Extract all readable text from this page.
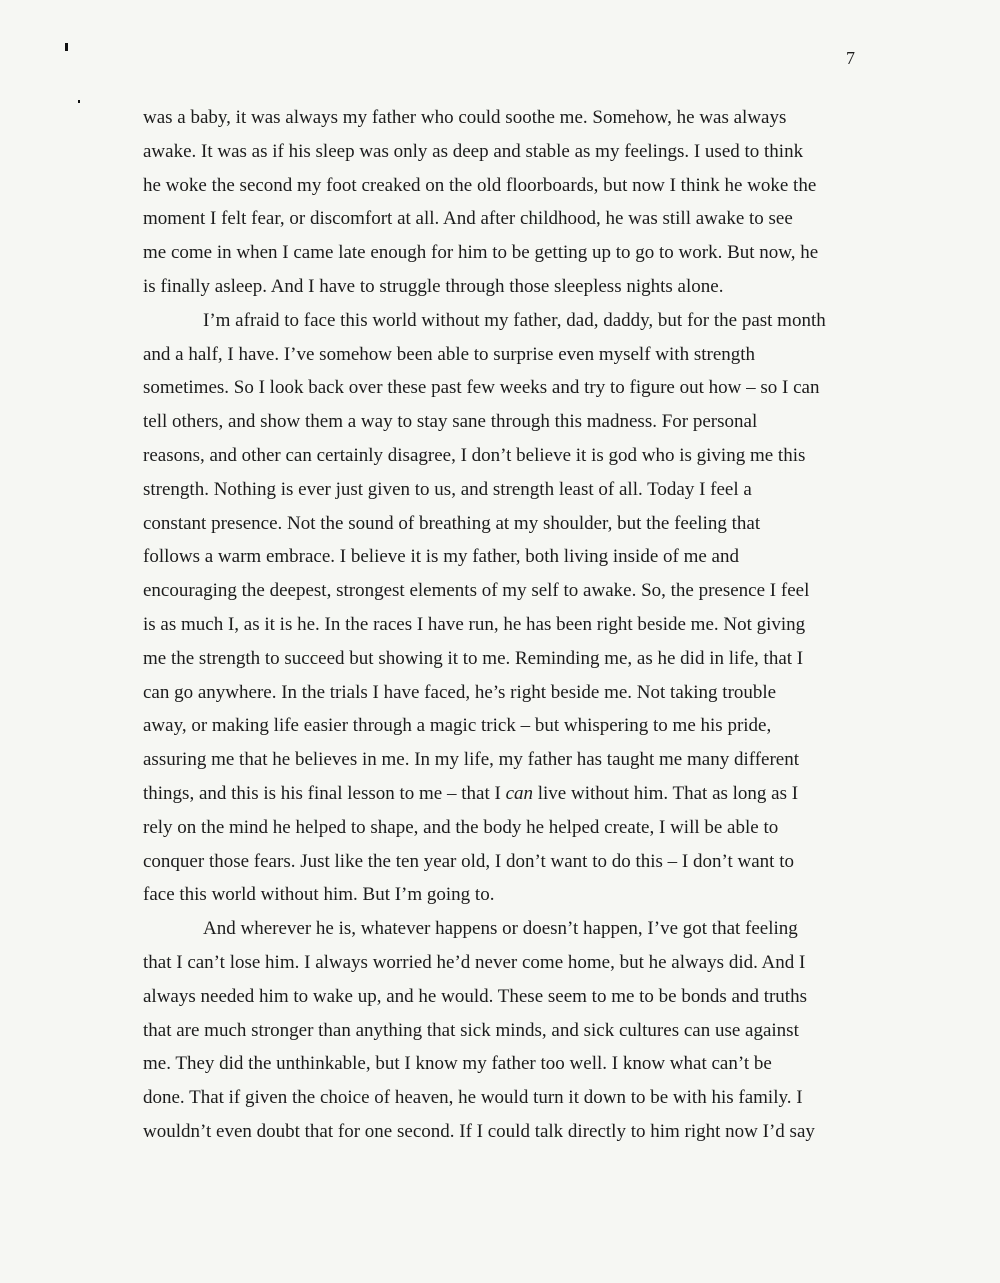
7
was a baby, it was always my father who could soothe me. Somehow, he was always
awake. It was as if his sleep was only as deep and stable as my feelings. I used to think
he woke the second my foot creaked on the old floorboards, but now I think he woke the
moment I felt fear, or discomfort at all. And after childhood, he was still awake to see
me come in when I came late enough for him to be getting up to go to work. But now, he
is finally asleep. And I have to struggle through those sleepless nights alone.
I’m afraid to face this world without my father, dad, daddy, but for the past month
and a half, I have. I’ve somehow been able to surprise even myself with strength
sometimes. So I look back over these past few weeks and try to figure out how – so I can
tell others, and show them a way to stay sane through this madness. For personal
reasons, and other can certainly disagree, I don’t believe it is god who is giving me this
strength. Nothing is ever just given to us, and strength least of all. Today I feel a
constant presence. Not the sound of breathing at my shoulder, but the feeling that
follows a warm embrace. I believe it is my father, both living inside of me and
encouraging the deepest, strongest elements of my self to awake. So, the presence I feel
is as much I, as it is he. In the races I have run, he has been right beside me. Not giving
me the strength to succeed but showing it to me. Reminding me, as he did in life, that I
can go anywhere. In the trials I have faced, he’s right beside me. Not taking trouble
away, or making life easier through a magic trick – but whispering to me his pride,
assuring me that he believes in me. In my life, my father has taught me many different
things, and this is his final lesson to me – that I can live without him. That as long as I
rely on the mind he helped to shape, and the body he helped create, I will be able to
conquer those fears. Just like the ten year old, I don’t want to do this – I don’t want to
face this world without him. But I’m going to.
And wherever he is, whatever happens or doesn’t happen, I’ve got that feeling
that I can’t lose him. I always worried he’d never come home, but he always did. And I
always needed him to wake up, and he would. These seem to me to be bonds and truths
that are much stronger than anything that sick minds, and sick cultures can use against
me. They did the unthinkable, but I know my father too well. I know what can’t be
done. That if given the choice of heaven, he would turn it down to be with his family. I
wouldn’t even doubt that for one second. If I could talk directly to him right now I’d say
